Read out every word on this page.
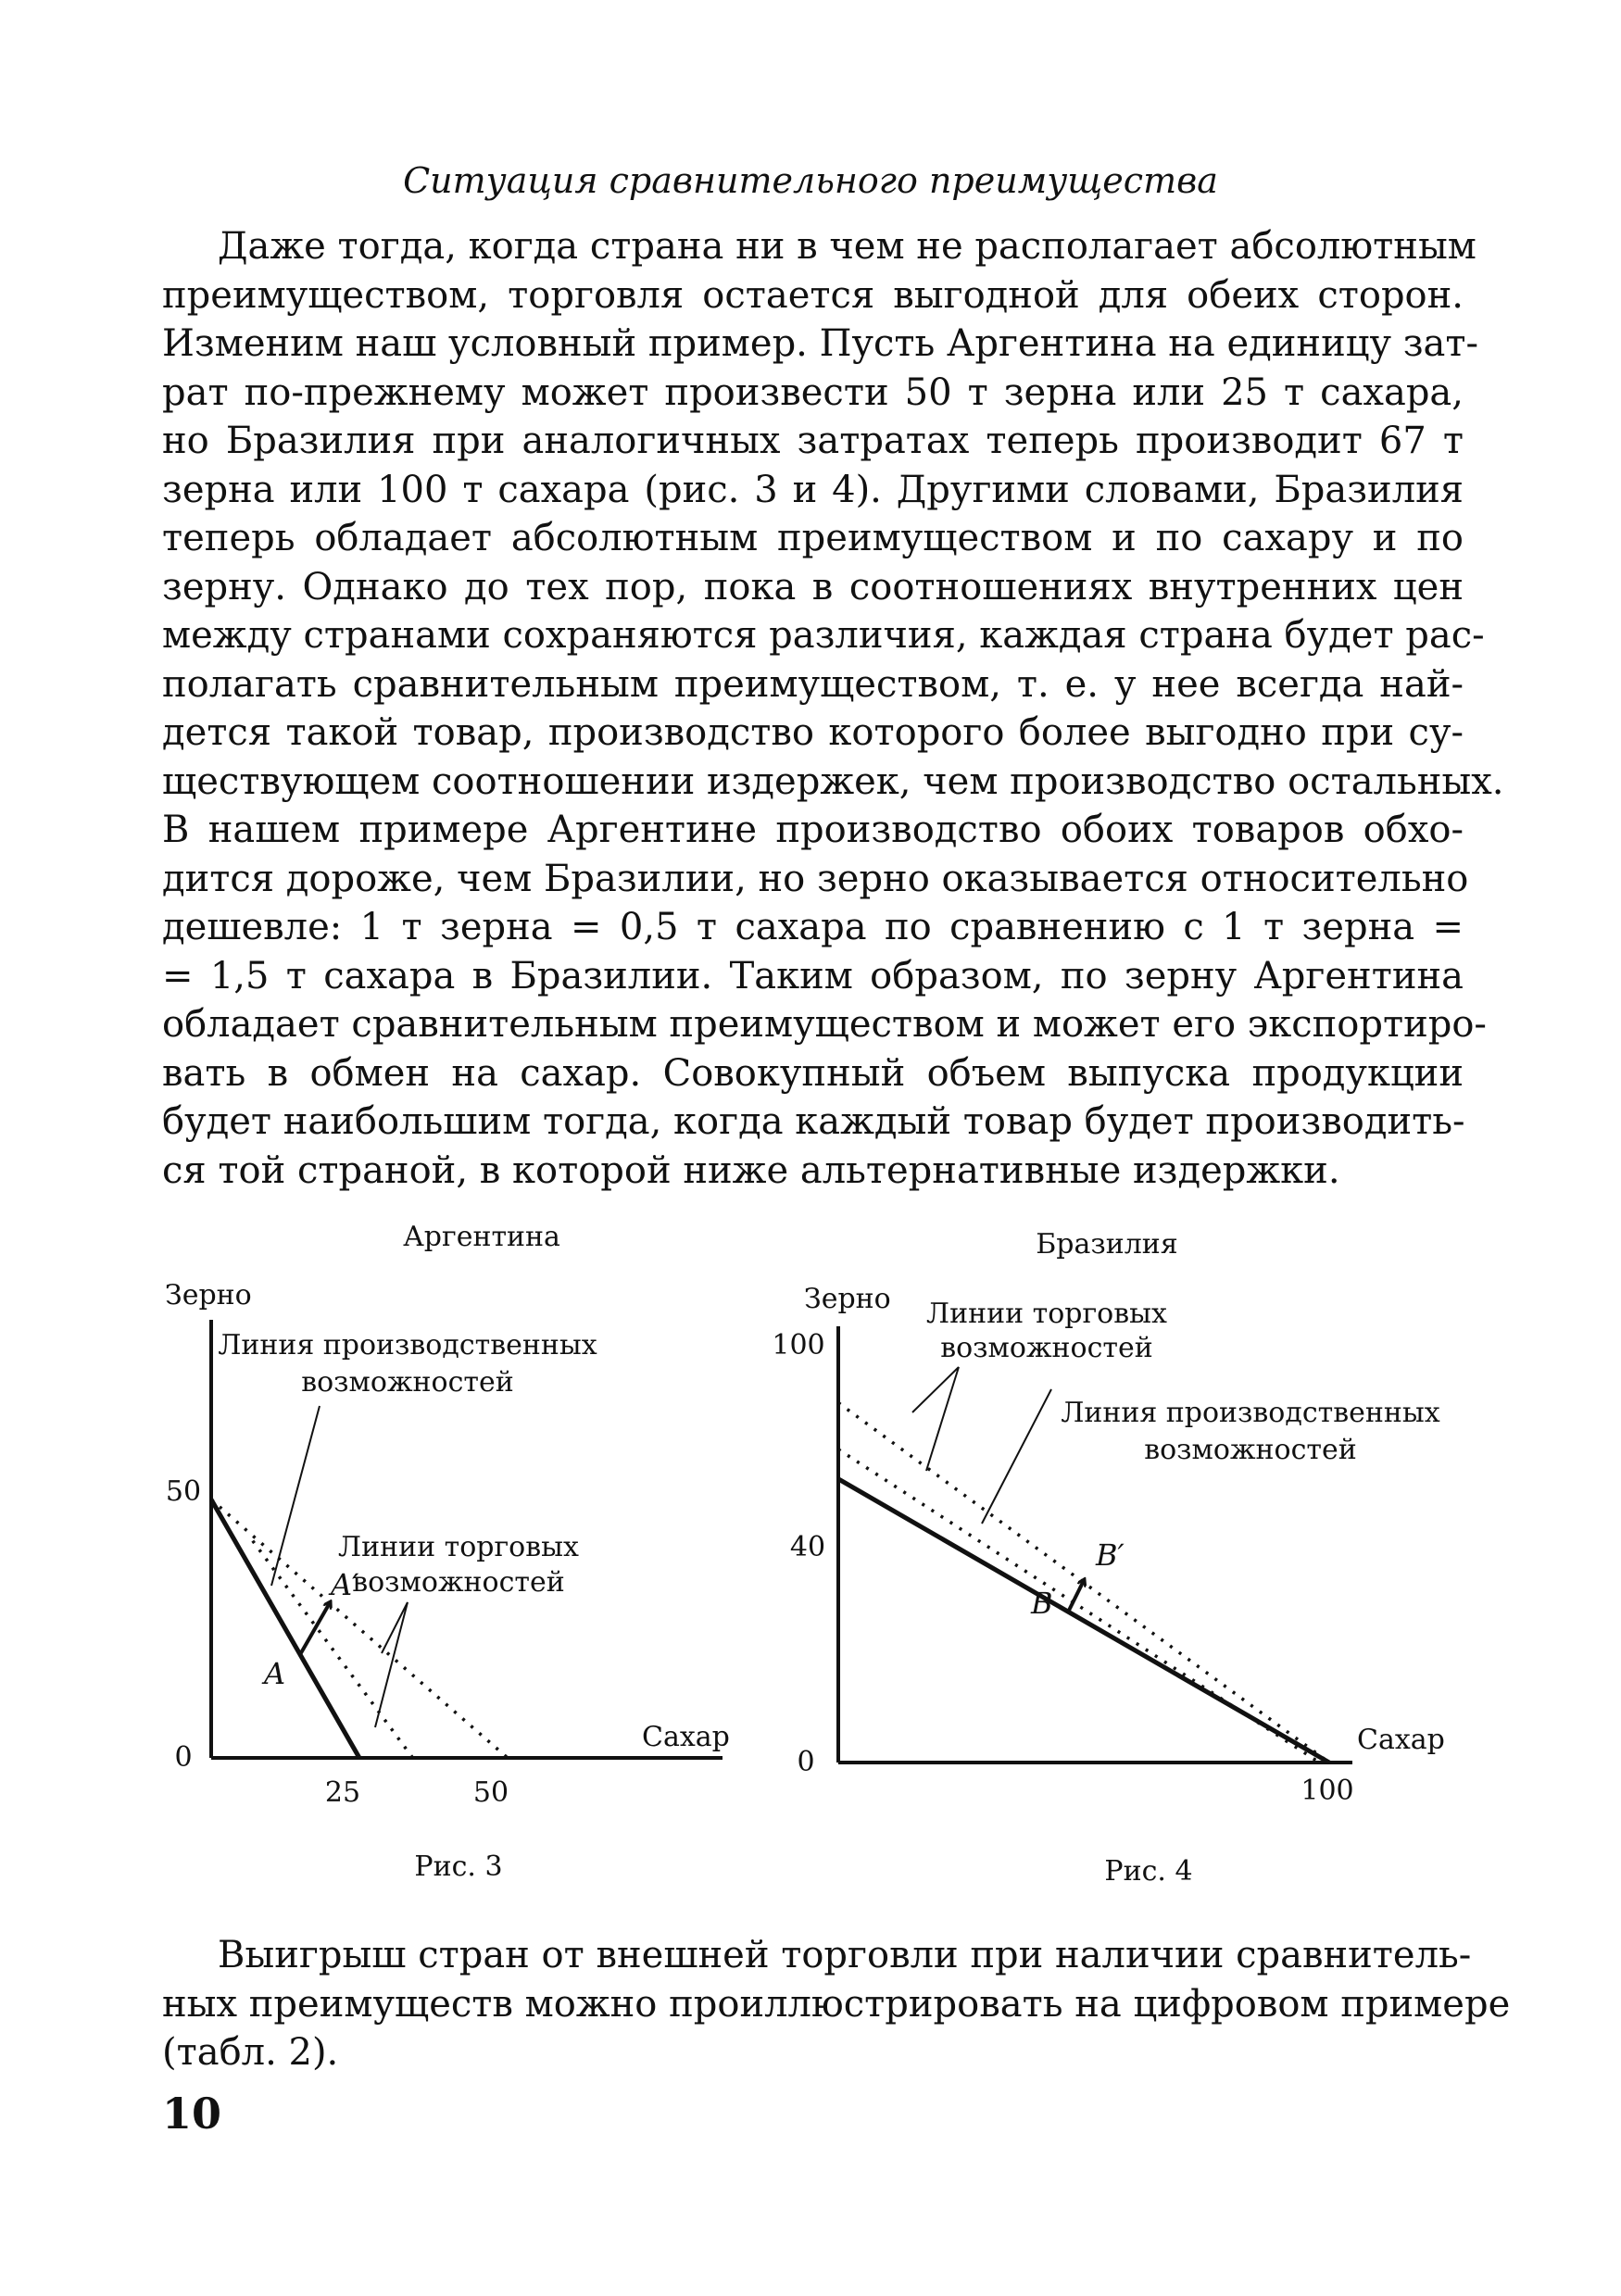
Ситуация сравнительного преимущества
Даже тогда, когда страна ни в чем не располагает абсолютным
преимуществом, торговля остается выгодной для обеих сторон.
Изменим наш условный пример. Пусть Аргентина на единицу зат-
рат по-прежнему может произвести 50 т зерна или 25 т сахара,
но Бразилия при аналогичных затратах теперь производит 67 т
зерна или 100 т сахара (рис. 3 и 4). Другими словами, Бразилия
теперь обладает абсолютным преимуществом и по сахару и по
зерну. Однако до тех пор, пока в соотношениях внутренних цен
между странами сохраняются различия, каждая страна будет рас-
полагать сравнительным преимуществом, т. е. у нее всегда най-
дется такой товар, производство которого более выгодно при су-
ществующем соотношении издержек, чем производство остальных.
В нашем примере Аргентине производство обоих товаров обхо-
дится дороже, чем Бразилии, но зерно оказывается относительно
дешевле: 1 т зерна = 0,5 т сахара по сравнению с 1 т зерна =
= 1,5 т сахара в Бразилии. Таким образом, по зерну Аргентина
обладает сравнительным преимуществом и может его экспортиро-
вать в обмен на сахар. Совокупный объем выпуска продукции
будет наибольшим тогда, когда каждый товар будет производить-
ся той страной, в которой ниже альтернативные издержки.
Аргентина
Зерно
Сахар
0
25	50
50
A
A′
Линия производственных
возможностей
Линии торговых
возможностей
Рис. 3
Бразилия
Зерно
Сахар
0
100
100
40
B
B′
Линии торговых
возможностей
Линия производственных
возможностей
Рис. 4
Выигрыш стран от внешней торговли при наличии сравнитель-
ных преимуществ можно проиллюстрировать на цифровом примере
(табл. 2).
10
